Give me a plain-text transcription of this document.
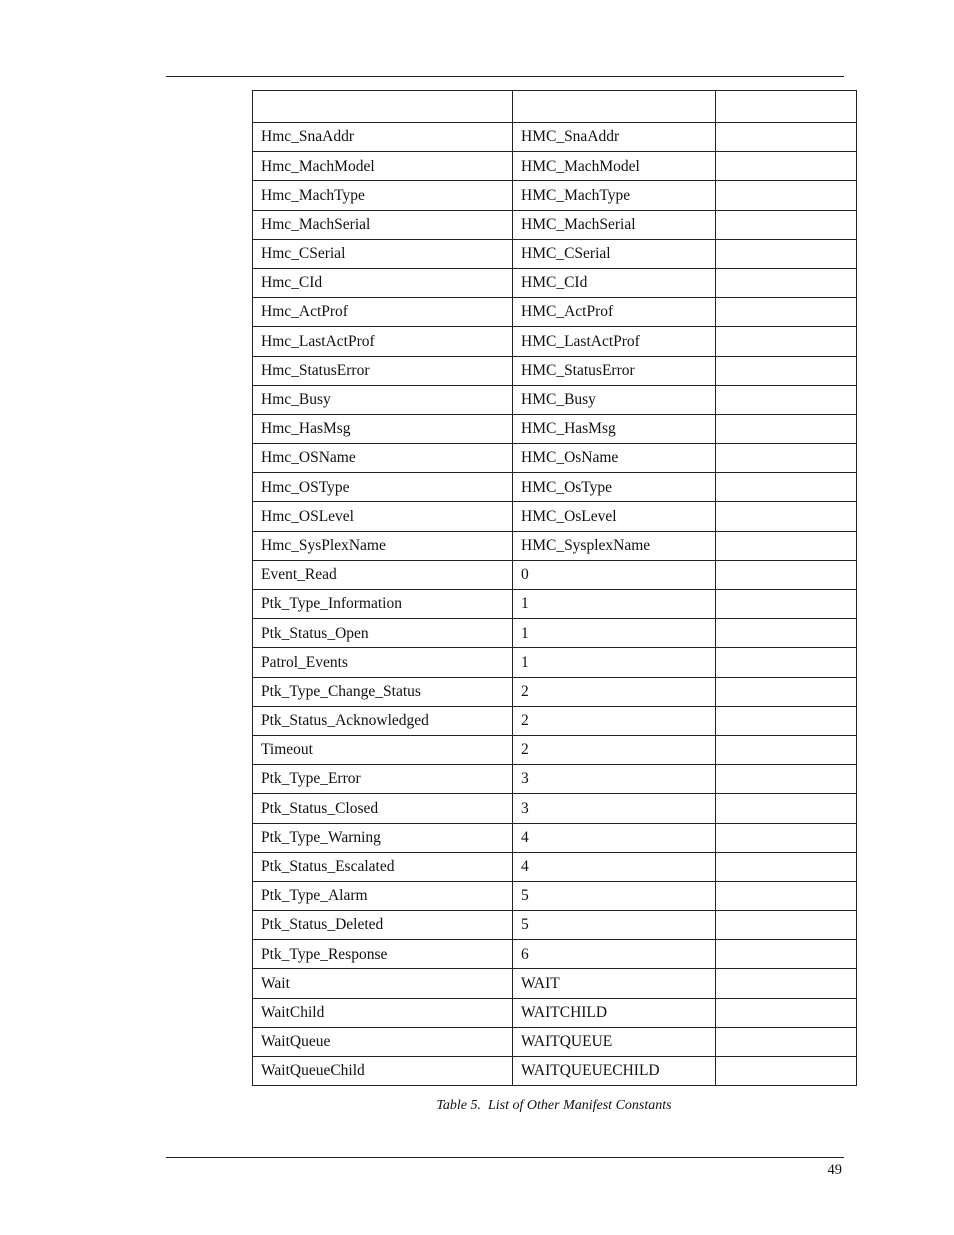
Hmc_SnaAddr	HMC_SnaAddr	
Hmc_MachModel	HMC_MachModel	
Hmc_MachType	HMC_MachType	
Hmc_MachSerial	HMC_MachSerial	
Hmc_CSerial	HMC_CSerial	
Hmc_CId	HMC_CId	
Hmc_ActProf	HMC_ActProf	
Hmc_LastActProf	HMC_LastActProf	
Hmc_StatusError	HMC_StatusError	
Hmc_Busy	HMC_Busy	
Hmc_HasMsg	HMC_HasMsg	
Hmc_OSName	HMC_OsName	
Hmc_OSType	HMC_OsType	
Hmc_OSLevel	HMC_OsLevel	
Hmc_SysPlexName	HMC_SysplexName	
Event_Read	0	
Ptk_Type_Information	1	
Ptk_Status_Open	1	
Patrol_Events	1	
Ptk_Type_Change_Status	2	
Ptk_Status_Acknowledged	2	
Timeout	2	
Ptk_Type_Error	3	
Ptk_Status_Closed	3	
Ptk_Type_Warning	4	
Ptk_Status_Escalated	4	
Ptk_Type_Alarm	5	
Ptk_Status_Deleted	5	
Ptk_Type_Response	6	
Wait	WAIT	
WaitChild	WAITCHILD	
WaitQueue	WAITQUEUE	
WaitQueueChild	WAITQUEUECHILD	
Table 5.  List of Other Manifest Constants
49
